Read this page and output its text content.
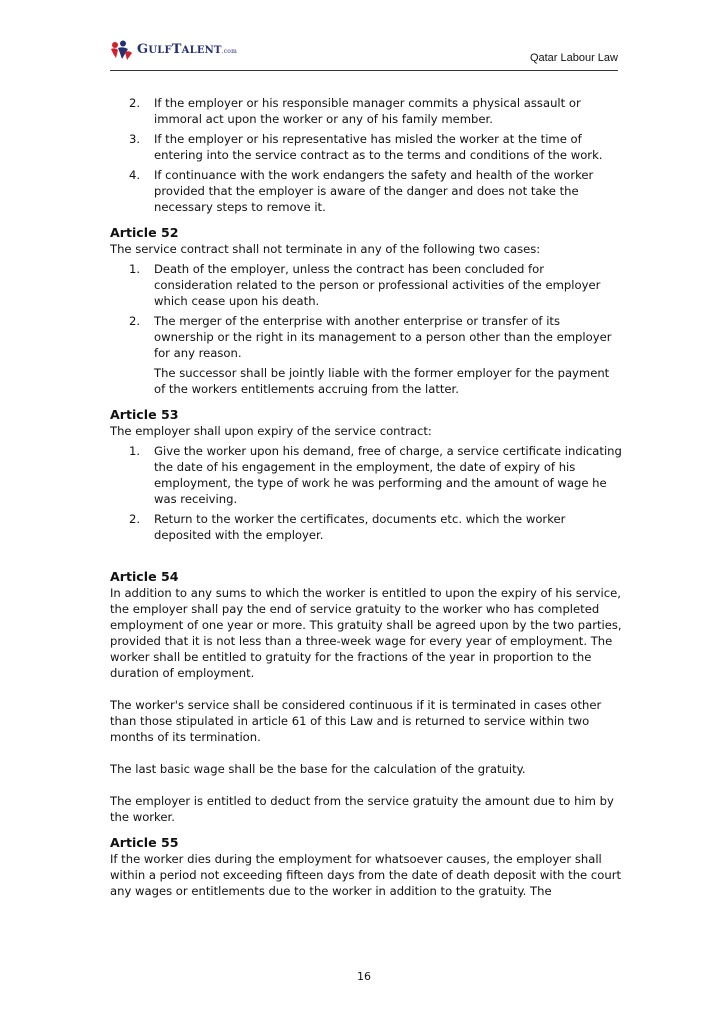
GULFTALENT.com
Qatar Labour Law
2. If the employer or his responsible manager commits a physical assault or immoral act upon the worker or any of his family member.
3. If the employer or his representative has misled the worker at the time of entering into the service contract as to the terms and conditions of the work.
4. If continuance with the work endangers the safety and health of the worker provided that the employer is aware of the danger and does not take the necessary steps to remove it.
Article 52

The service contract shall not terminate in any of the following two cases:

1. Death of the employer, unless the contract has been concluded for consideration related to the person or professional activities of the employer which cease upon his death.
2. The merger of the enterprise with another enterprise or transfer of its ownership or the right in its management to a person other than the employer for any reason.

The successor shall be jointly liable with the former employer for the payment of the workers entitlements accruing from the latter.

Article 53

The employer shall upon expiry of the service contract:

1. Give the worker upon his demand, free of charge, a service certificate indicating the date of his engagement in the employment, the date of expiry of his employment, the type of work he was performing and the amount of wage he was receiving.
2. Return to the worker the certificates, documents etc. which the worker deposited with the employer.
Article 54

In addition to any sums to which the worker is entitled to upon the expiry of his service, the employer shall pay the end of service gratuity to the worker who has completed employment of one year or more. This gratuity shall be agreed upon by the two parties, provided that it is not less than a three-week wage for every year of employment. The worker shall be entitled to gratuity for the fractions of the year in proportion to the duration of employment.

The worker's service shall be considered continuous if it is terminated in cases other than those stipulated in article 61 of this Law and is returned to service within two months of its termination.

The last basic wage shall be the base for the calculation of the gratuity.

The employer is entitled to deduct from the service gratuity the amount due to him by the worker.

Article 55

If the worker dies during the employment for whatsoever causes, the employer shall within a period not exceeding fifteen days from the date of death deposit with the court any wages or entitlements due to the worker in addition to the gratuity. The

16
